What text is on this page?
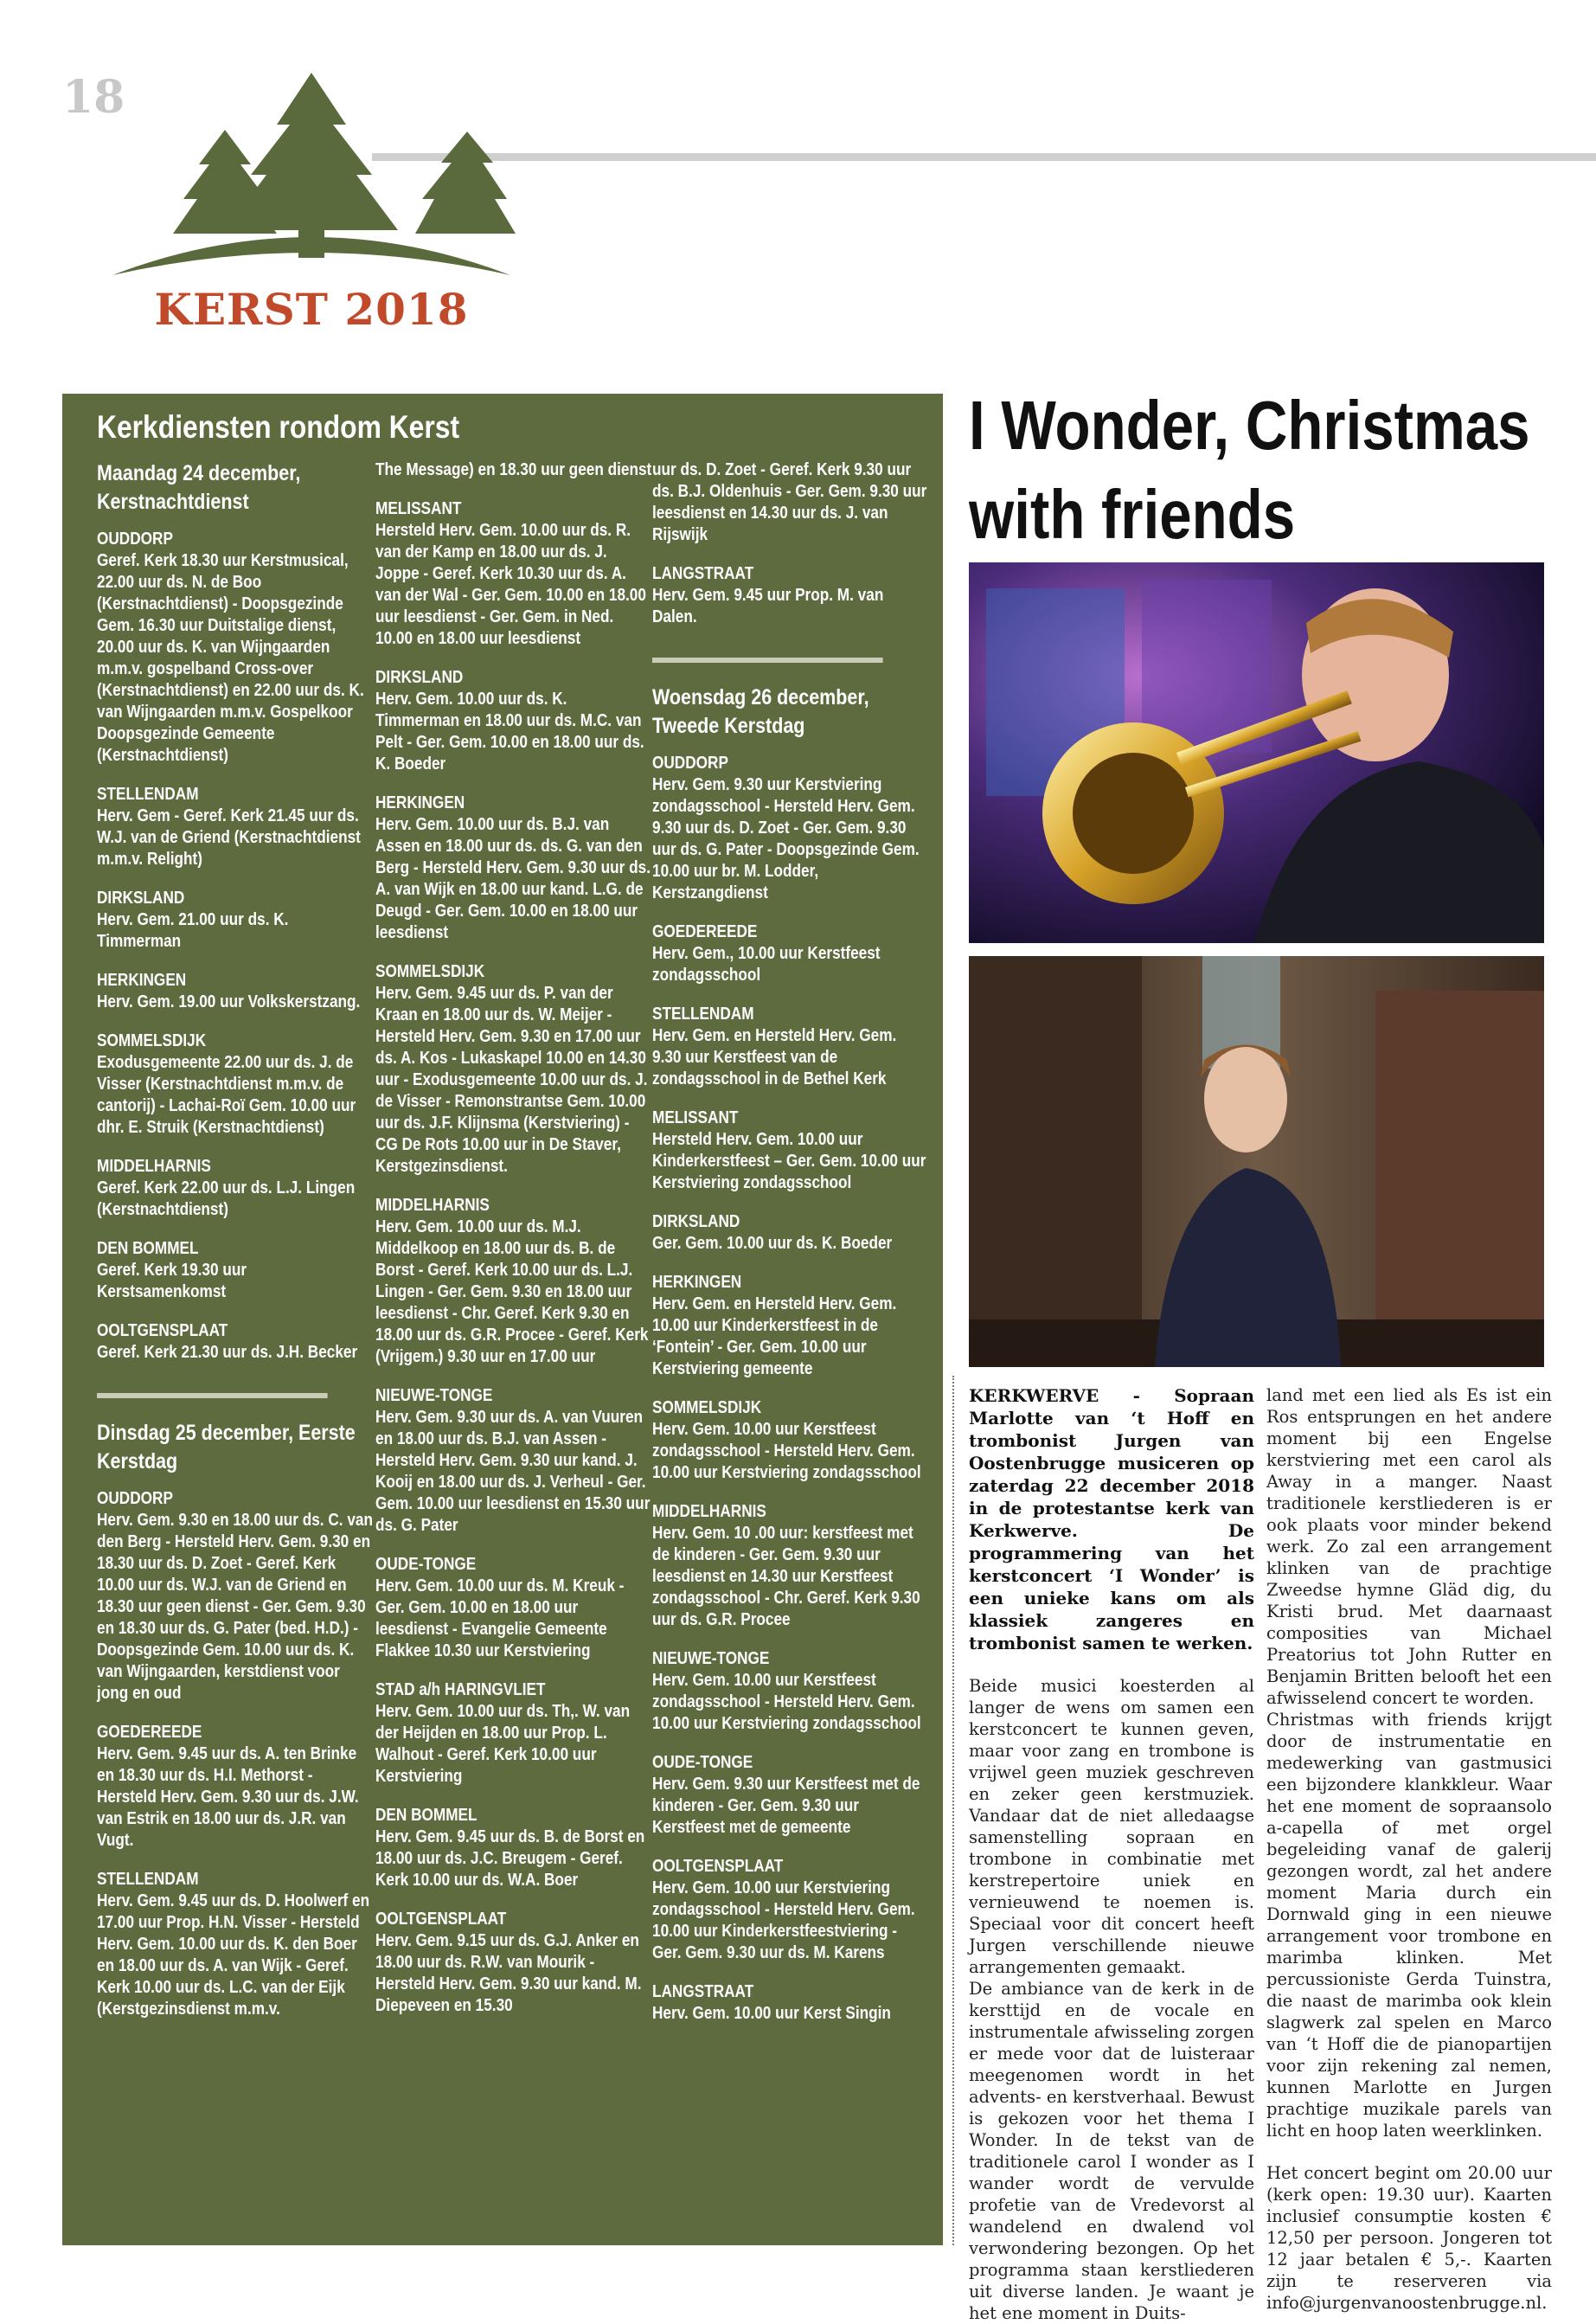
18
KERST 2018
Kerkdiensten rondom Kerst
Maandag 24 december, Kerstnachtdienst
OUDDORP
Geref. Kerk 18.30 uur Kerstmusical, 22.00 uur ds. N. de Boo (Kerstnachtdienst) - Doopsgezinde Gem. 16.30 uur Duitstalige dienst, 20.00 uur ds. K. van Wijngaarden m.m.v. gospelband Cross-over (Kerstnachtdienst) en 22.00 uur ds. K. van Wijngaarden m.m.v. Gospelkoor Doopsgezinde Gemeente (Kerstnachtdienst)
STELLENDAM
Herv. Gem - Geref. Kerk 21.45 uur ds. W.J. van de Griend (Kerstnachtdienst m.m.v. Relight)
DIRKSLAND
Herv. Gem. 21.00 uur ds. K. Timmerman
HERKINGEN
Herv. Gem. 19.00 uur Volkskerstzang.
SOMMELSDIJK
Exodusgemeente 22.00 uur ds. J. de Visser (Kerstnachtdienst m.m.v. de cantorij) - Lachai-Roï Gem. 10.00 uur dhr. E. Struik (Kerstnachtdienst)
MIDDELHARNIS
Geref. Kerk 22.00 uur ds. L.J. Lingen (Kerstnachtdienst)
DEN BOMMEL
Geref. Kerk 19.30 uur Kerstsamenkomst
OOLTGENSPLAAT
Geref. Kerk 21.30 uur ds. J.H. Becker
Dinsdag 25 december, Eerste Kerstdag
OUDDORP
Herv. Gem. 9.30 en 18.00 uur ds. C. van den Berg - Hersteld Herv. Gem. 9.30 en 18.30 uur ds. D. Zoet - Geref. Kerk 10.00 uur ds. W.J. van de Griend en 18.30 uur geen dienst - Ger. Gem. 9.30 en 18.30 uur ds. G. Pater (bed. H.D.) - Doopsgezinde Gem. 10.00 uur ds. K. van Wijngaarden, kerstdienst voor jong en oud
GOEDEREEDE
Herv. Gem. 9.45 uur ds. A. ten Brinke en 18.30 uur ds. H.I. Methorst - Hersteld Herv. Gem. 9.30 uur ds. J.W. van Estrik en 18.00 uur ds. J.R. van Vugt.
STELLENDAM
Herv. Gem. 9.45 uur ds. D. Hoolwerf en 17.00 uur Prop. H.N. Visser - Hersteld Herv. Gem. 10.00 uur ds. K. den Boer en 18.00 uur ds. A. van Wijk - Geref. Kerk 10.00 uur ds. L.C. van der Eijk (Kerstgezinsdienst m.m.v.
The Message) en 18.30 uur geen dienst
MELISSANT
Hersteld Herv. Gem. 10.00 uur ds. R. van der Kamp en 18.00 uur ds. J. Joppe - Geref. Kerk 10.30 uur ds. A. van der Wal - Ger. Gem. 10.00 en 18.00 uur leesdienst - Ger. Gem. in Ned. 10.00 en 18.00 uur leesdienst
DIRKSLAND
Herv. Gem. 10.00 uur ds. K. Timmerman en 18.00 uur ds. M.C. van Pelt - Ger. Gem. 10.00 en 18.00 uur ds. K. Boeder
HERKINGEN
Herv. Gem. 10.00 uur ds. B.J. van Assen en 18.00 uur ds. ds. G. van den Berg - Hersteld Herv. Gem. 9.30 uur ds. A. van Wijk en 18.00 uur kand. L.G. de Deugd - Ger. Gem. 10.00 en 18.00 uur leesdienst
SOMMELSDIJK
Herv. Gem. 9.45 uur ds. P. van der Kraan en 18.00 uur ds. W. Meijer - Hersteld Herv. Gem. 9.30 en 17.00 uur ds. A. Kos - Lukaskapel 10.00 en 14.30 uur - Exodusgemeente 10.00 uur ds. J. de Visser - Remonstrantse Gem. 10.00 uur ds. J.F. Klijnsma (Kerstviering) - CG De Rots 10.00 uur in De Staver, Kerstgezinsdienst.
MIDDELHARNIS
Herv. Gem. 10.00 uur ds. M.J. Middelkoop en 18.00 uur ds. B. de Borst - Geref. Kerk 10.00 uur ds. L.J. Lingen - Ger. Gem. 9.30 en 18.00 uur leesdienst - Chr. Geref. Kerk 9.30 en 18.00 uur ds. G.R. Procee - Geref. Kerk (Vrijgem.) 9.30 uur en 17.00 uur
NIEUWE-TONGE
Herv. Gem. 9.30 uur ds. A. van Vuuren en 18.00 uur ds. B.J. van Assen - Hersteld Herv. Gem. 9.30 uur kand. J. Kooij en 18.00 uur ds. J. Verheul - Ger. Gem. 10.00 uur leesdienst en 15.30 uur ds. G. Pater
OUDE-TONGE
Herv. Gem. 10.00 uur ds. M. Kreuk - Ger. Gem. 10.00 en 18.00 uur leesdienst - Evangelie Gemeente Flakkee 10.30 uur Kerstviering
STAD a/h HARINGVLIET
Herv. Gem. 10.00 uur ds. Th,. W. van der Heijden en 18.00 uur Prop. L. Walhout - Geref. Kerk 10.00 uur Kerstviering
DEN BOMMEL
Herv. Gem. 9.45 uur ds. B. de Borst en 18.00 uur ds. J.C. Breugem - Geref. Kerk 10.00 uur ds. W.A. Boer
OOLTGENSPLAAT
Herv. Gem. 9.15 uur ds. G.J. Anker en 18.00 uur ds. R.W. van Mourik - Hersteld Herv. Gem. 9.30 uur kand. M. Diepeveen en 15.30
uur ds. D. Zoet - Geref. Kerk 9.30 uur ds. B.J. Oldenhuis - Ger. Gem. 9.30 uur leesdienst en 14.30 uur ds. J. van Rijswijk
LANGSTRAAT
Herv. Gem. 9.45 uur Prop. M. van Dalen.
Woensdag 26 december, Tweede Kerstdag
OUDDORP
Herv. Gem. 9.30 uur Kerstviering zondagsschool - Hersteld Herv. Gem. 9.30 uur ds. D. Zoet - Ger. Gem. 9.30 uur ds. G. Pater - Doopsgezinde Gem. 10.00 uur br. M. Lodder, Kerstzangdienst
GOEDEREEDE
Herv. Gem., 10.00 uur Kerstfeest zondagsschool
STELLENDAM
Herv. Gem. en Hersteld Herv. Gem. 9.30 uur Kerstfeest van de zondagsschool in de Bethel Kerk
MELISSANT
Hersteld Herv. Gem. 10.00 uur Kinderkerstfeest – Ger. Gem. 10.00 uur Kerstviering zondagsschool
DIRKSLAND
Ger. Gem. 10.00 uur ds. K. Boeder
HERKINGEN
Herv. Gem. en Hersteld Herv. Gem. 10.00 uur Kinderkerstfeest in de ‘Fontein’ - Ger. Gem. 10.00 uur Kerstviering gemeente
SOMMELSDIJK
Herv. Gem. 10.00 uur Kerstfeest zondagsschool - Hersteld Herv. Gem. 10.00 uur Kerstviering zondagsschool
MIDDELHARNIS
Herv. Gem. 10 .00 uur: kerstfeest met de kinderen - Ger. Gem. 9.30 uur leesdienst en 14.30 uur Kerstfeest zondagsschool - Chr. Geref. Kerk 9.30 uur ds. G.R. Procee
NIEUWE-TONGE
Herv. Gem. 10.00 uur Kerstfeest zondagsschool - Hersteld Herv. Gem. 10.00 uur Kerstviering zondagsschool
OUDE-TONGE
Herv. Gem. 9.30 uur Kerstfeest met de kinderen - Ger. Gem. 9.30 uur Kerstfeest met de gemeente
OOLTGENSPLAAT
Herv. Gem. 10.00 uur Kerstviering zondagsschool - Hersteld Herv. Gem. 10.00 uur Kinderkerstfeestviering - Ger. Gem. 9.30 uur ds. M. Karens
LANGSTRAAT
Herv. Gem. 10.00 uur Kerst Singin
I Wonder, Christmas
with friends

KERKWERVE - Sopraan Marlotte van ‘t Hoff en trombonist Jurgen van Oostenbrugge musiceren op zaterdag 22 december 2018 in de protestantse kerk van Kerkwerve. De programmering van het kerstconcert ‘I Wonder’ is een unieke kans om als klassiek zangeres en trombonist samen te werken.

Beide musici koesterden al langer de wens om samen een kerstconcert te kunnen geven, maar voor zang en trombone is vrijwel geen muziek geschreven en zeker geen kerstmuziek. Vandaar dat de niet alledaagse samenstelling sopraan en trombone in combinatie met kerstrepertoire uniek en vernieuwend te noemen is. Speciaal voor dit concert heeft Jurgen verschillende nieuwe arrangementen gemaakt.

De ambiance van de kerk in de kersttijd en de vocale en instrumentale afwisseling zorgen er mede voor dat de luisteraar meegenomen wordt in het advents- en kerstverhaal. Bewust is gekozen voor het thema I Wonder. In de tekst van de traditionele carol I wonder as I wander wordt de vervulde profetie van de Vredevorst al wandelend en dwalend vol verwondering bezongen. Op het programma staan kerstliederen uit diverse landen. Je waant je het ene moment in Duits-

land met een lied als Es ist ein Ros entsprungen en het andere moment bij een Engelse kerstviering met een carol als Away in a manger. Naast traditionele kerstliederen is er ook plaats voor minder bekend werk. Zo zal een arrangement klinken van de prachtige Zweedse hymne Gläd dig, du Kristi brud. Met daarnaast composities van Michael Preatorius tot John Rutter en Benjamin Britten belooft het een afwisselend concert te worden.

Christmas with friends krijgt door de instrumentatie en medewerking van gastmusici een bijzondere klankkleur. Waar het ene moment de sopraansolo a-capella of met orgel begeleiding vanaf de galerij gezongen wordt, zal het andere moment Maria durch ein Dornwald ging in een nieuwe arrangement voor trombone en marimba klinken. Met percussioniste Gerda Tuinstra, die naast de marimba ook klein slagwerk zal spelen en Marco van ‘t Hoff die de pianopartijen voor zijn rekening zal nemen, kunnen Marlotte en Jurgen prachtige muzikale parels van licht en hoop laten weerklinken.

Het concert begint om 20.00 uur (kerk open: 19.30 uur). Kaarten inclusief consumptie kosten € 12,50 per persoon. Jongeren tot 12 jaar betalen € 5,-. Kaarten zijn te reserveren via info@jurgenvanoostenbrugge.nl.
